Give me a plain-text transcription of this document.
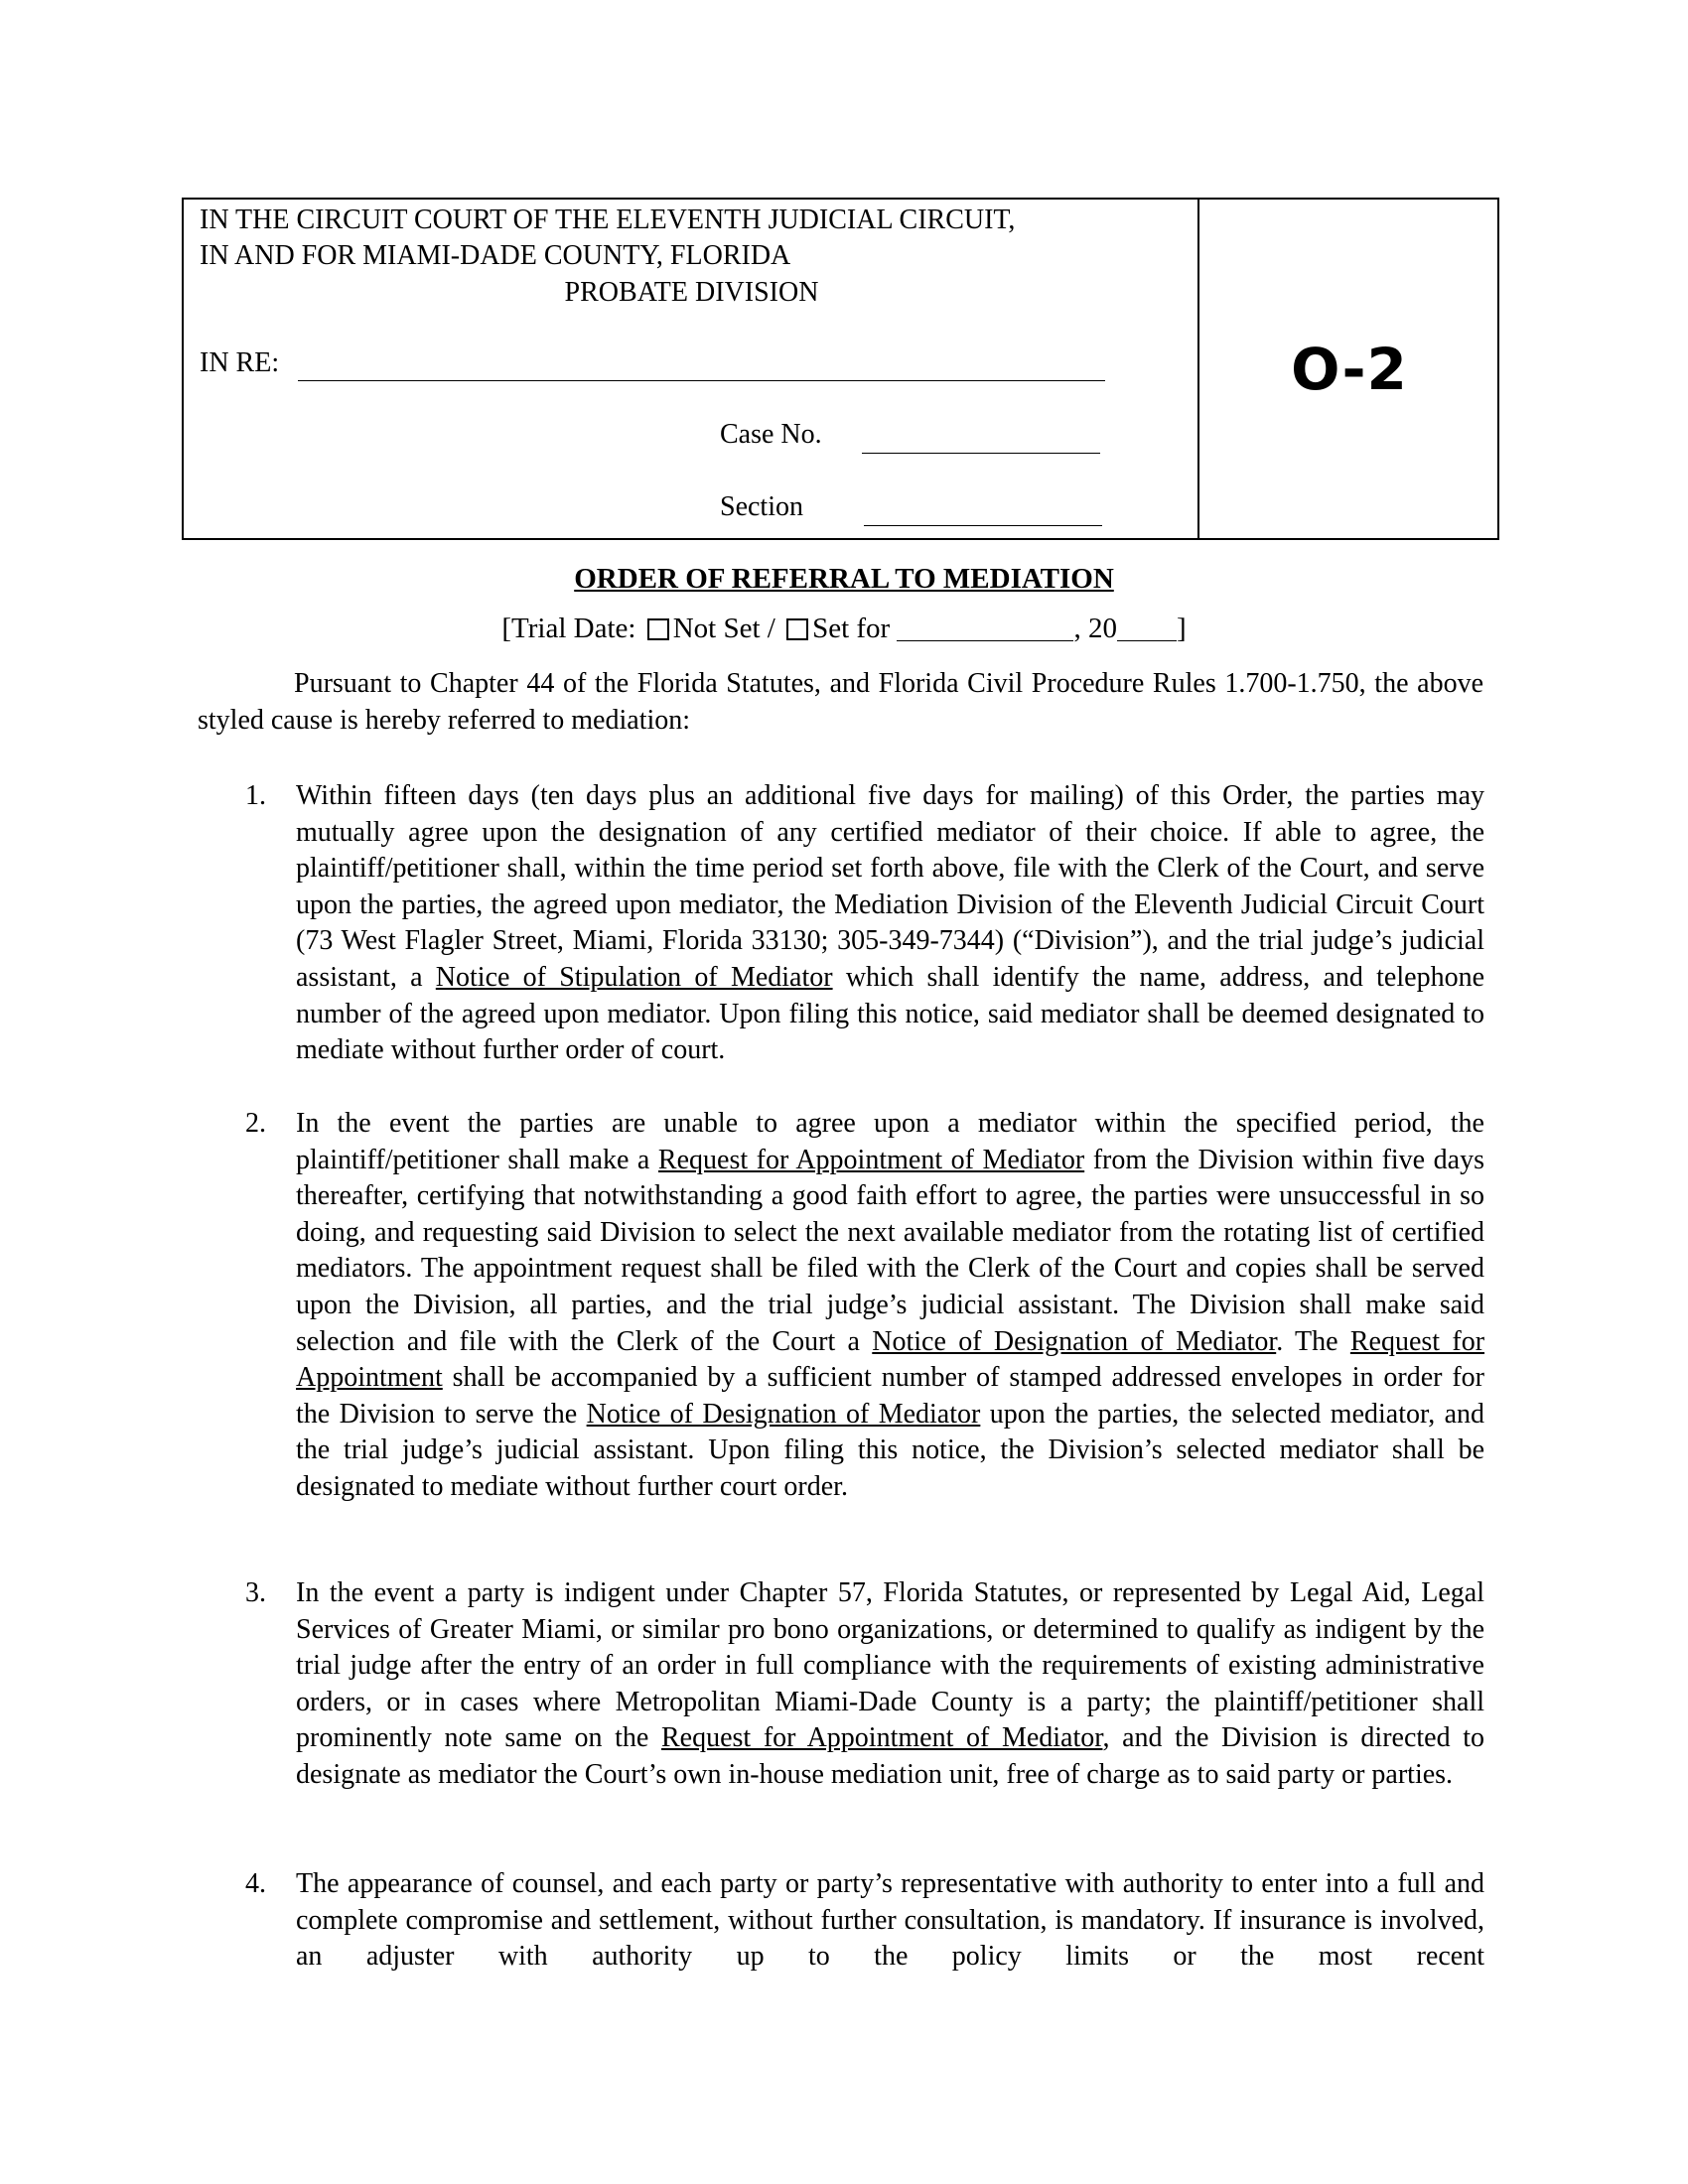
IN THE CIRCUIT COURT OF THE ELEVENTH JUDICIAL CIRCUIT,
IN AND FOR MIAMI-DADE COUNTY, FLORIDA
PROBATE DIVISION
IN RE:
Case No.
Section
O-2
ORDER OF REFERRAL TO MEDIATION
[Trial Date: Not Set / Set for	, 20 ]
Pursuant to Chapter 44 of the Florida Statutes, and Florida Civil Procedure Rules 1.700-1.750, the above styled cause is hereby referred to mediation:
1. Within fifteen days (ten days plus an additional five days for mailing) of this Order, the parties may mutually agree upon the designation of any certified mediator of their choice. If able to agree, the plaintiff/petitioner shall, within the time period set forth above, file with the Clerk of the Court, and serve upon the parties, the agreed upon mediator, the Mediation Division of the Eleventh Judicial Circuit Court (73 West Flagler Street, Miami, Florida 33130; 305-349-7344) (“Division”), and the trial judge’s judicial assistant, a Notice of Stipulation of Mediator which shall identify the name, address, and telephone number of the agreed upon mediator. Upon filing this notice, said mediator shall be deemed designated to mediate without further order of court.
2. In the event the parties are unable to agree upon a mediator within the specified period, the plaintiff/petitioner shall make a Request for Appointment of Mediator from the Division within five days thereafter, certifying that notwithstanding a good faith effort to agree, the parties were unsuccessful in so doing, and requesting said Division to select the next available mediator from the rotating list of certified mediators. The appointment request shall be filed with the Clerk of the Court and copies shall be served upon the Division, all parties, and the trial judge’s judicial assistant. The Division shall make said selection and file with the Clerk of the Court a Notice of Designation of Mediator. The Request for Appointment shall be accompanied by a sufficient number of stamped addressed envelopes in order for the Division to serve the Notice of Designation of Mediator upon the parties, the selected mediator, and the trial judge’s judicial assistant. Upon filing this notice, the Division’s selected mediator shall be designated to mediate without further court order.
3. In the event a party is indigent under Chapter 57, Florida Statutes, or represented by Legal Aid, Legal Services of Greater Miami, or similar pro bono organizations, or determined to qualify as indigent by the trial judge after the entry of an order in full compliance with the requirements of existing administrative orders, or in cases where Metropolitan Miami-Dade County is a party; the plaintiff/petitioner shall prominently note same on the Request for Appointment of Mediator, and the Division is directed to designate as mediator the Court’s own in-house mediation unit, free of charge as to said party or parties.
4. The appearance of counsel, and each party or party’s representative with authority to enter into a full and complete compromise and settlement, without further consultation, is mandatory. If insurance is involved, an adjuster with authority up to the policy limits or the most recent
